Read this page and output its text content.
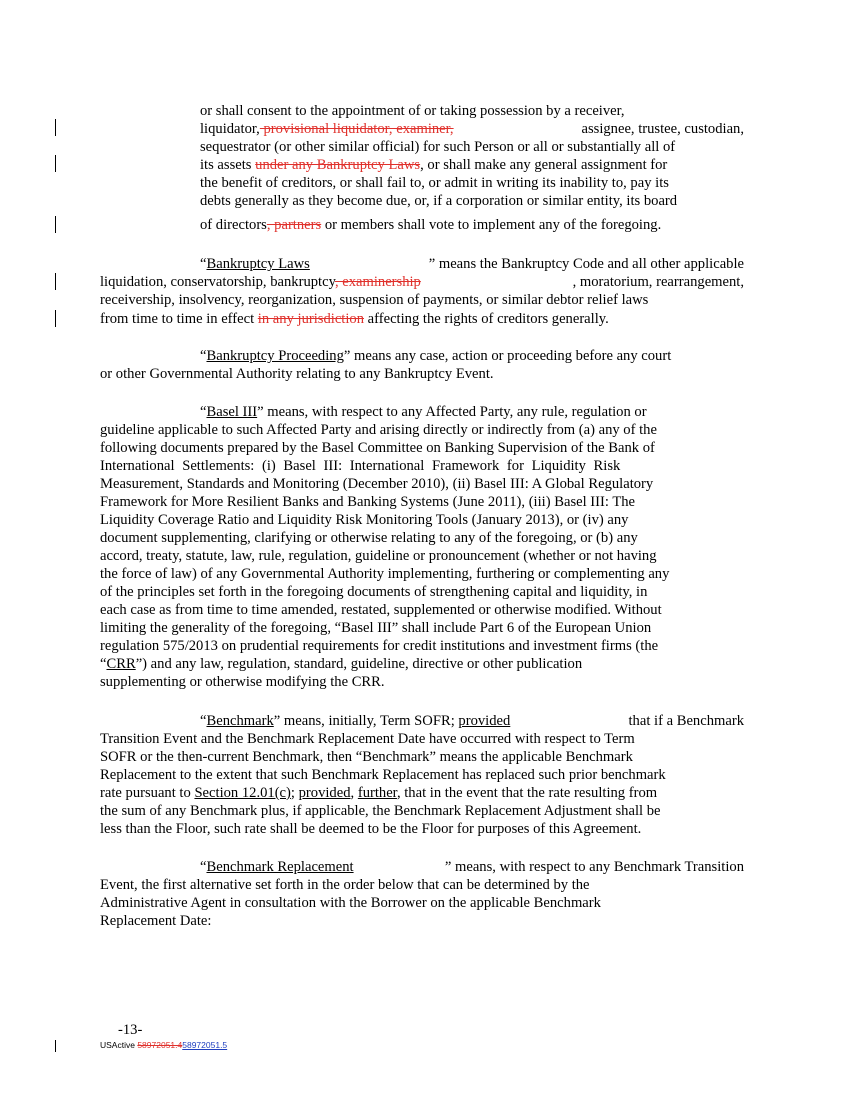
or shall consent to the appointment of or taking possession by a receiver,
liquidator, provisional liquidator, examiner,	assignee, trustee, custodian,
sequestrator (or other similar official) for such Person or all or substantially all of
its assets under any Bankruptcy Laws, or shall make any general assignment for
the benefit of creditors, or shall fail to, or admit in writing its inability to, pay its
debts generally as they become due, or, if a corporation or similar entity, its board
of directors, partners or members shall vote to implement any of the foregoing.
“Bankruptcy Laws	” means the Bankruptcy Code and all other applicable
liquidation, conservatorship, bankruptcy, examinership	, moratorium, rearrangement,
receivership, insolvency, reorganization, suspension of payments, or similar debtor relief laws
from time to time in effect in any jurisdiction affecting the rights of creditors generally.
“Bankruptcy Proceeding” means any case, action or proceeding before any court
or other Governmental Authority relating to any Bankruptcy Event.
“Basel III” means, with respect to any Affected Party, any rule, regulation or
guideline applicable to such Affected Party and arising directly or indirectly from (a) any of the
following documents prepared by the Basel Committee on Banking Supervision of the Bank of
International Settlements: (i) Basel III: International Framework for Liquidity Risk
Measurement, Standards and Monitoring (December 2010), (ii) Basel III: A Global Regulatory
Framework for More Resilient Banks and Banking Systems (June 2011), (iii) Basel III: The
Liquidity Coverage Ratio and Liquidity Risk Monitoring Tools (January 2013), or (iv) any
document supplementing, clarifying or otherwise relating to any of the foregoing, or (b) any
accord, treaty, statute, law, rule, regulation, guideline or pronouncement (whether or not having
the force of law) of any Governmental Authority implementing, furthering or complementing any
of the principles set forth in the foregoing documents of strengthening capital and liquidity, in
each case as from time to time amended, restated, supplemented or otherwise modified. Without
limiting the generality of the foregoing, “Basel III” shall include Part 6 of the European Union
regulation 575/2013 on prudential requirements for credit institutions and investment firms (the
“CRR”) and any law, regulation, standard, guideline, directive or other publication
supplementing or otherwise modifying the CRR.
“Benchmark” means, initially, Term SOFR; provided	that if a Benchmark
Transition Event and the Benchmark Replacement Date have occurred with respect to Term
SOFR or the then-current Benchmark, then “Benchmark” means the applicable Benchmark
Replacement to the extent that such Benchmark Replacement has replaced such prior benchmark
rate pursuant to Section 12.01(c); provided, further, that in the event that the rate resulting from
the sum of any Benchmark plus, if applicable, the Benchmark Replacement Adjustment shall be
less than the Floor, such rate shall be deemed to be the Floor for purposes of this Agreement.
“Benchmark Replacement	” means, with respect to any Benchmark Transition
Event, the first alternative set forth in the order below that can be determined by the
Administrative Agent in consultation with the Borrower on the applicable Benchmark
Replacement Date:
-13-
USActive 58972051.458972051.5
